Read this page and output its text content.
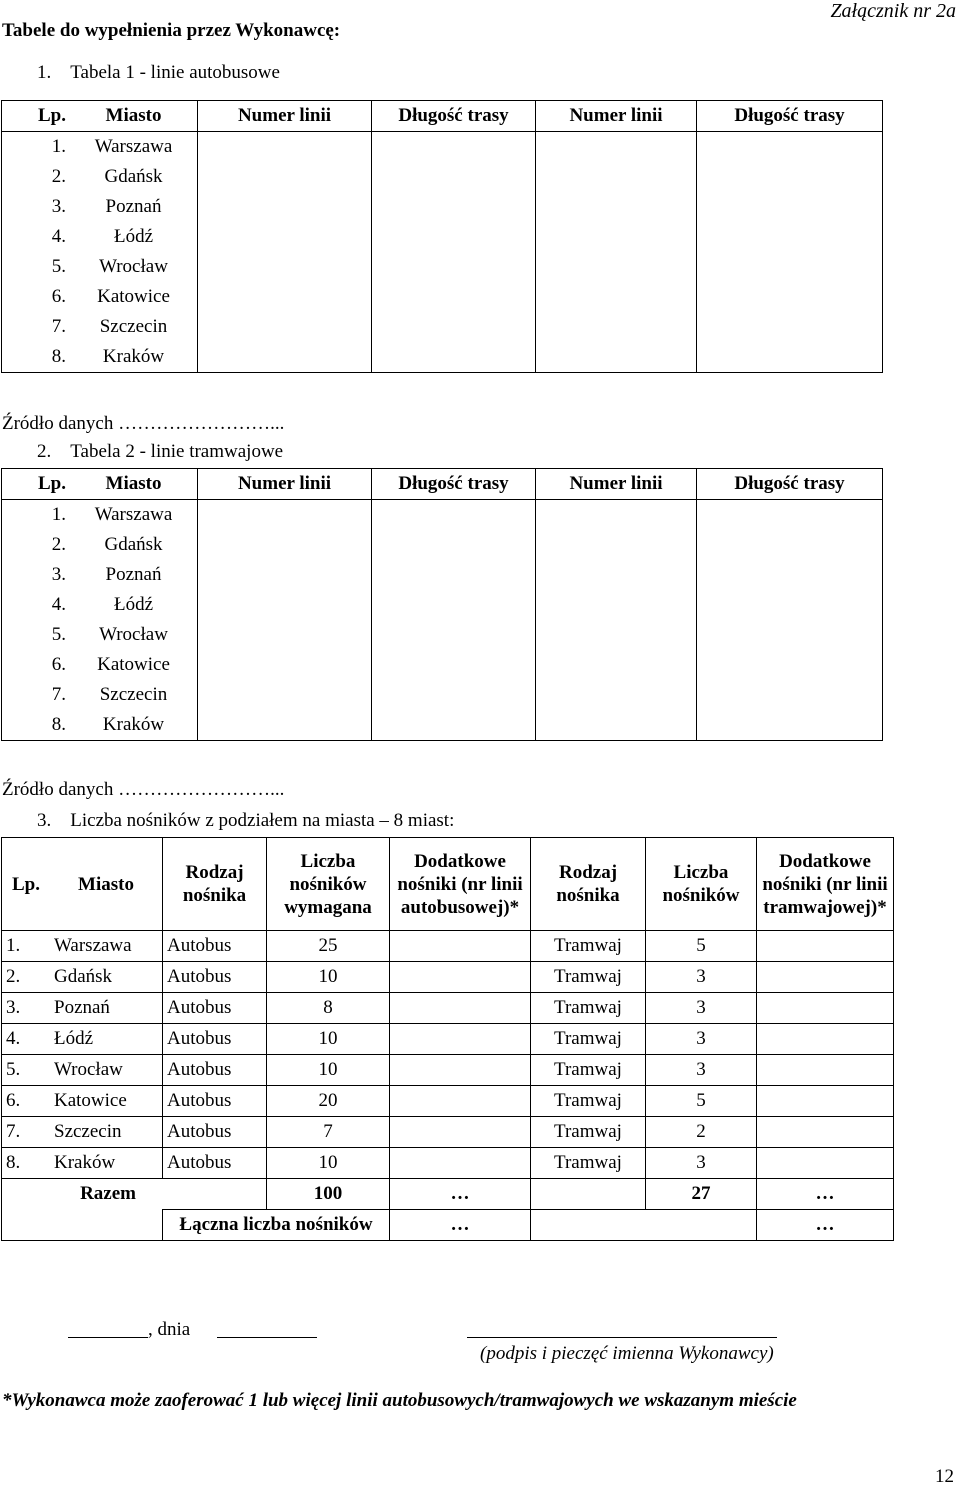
Tabele do wypełnienia przez Wykonawcę:
Załącznik nr 2a
1.    Tabela 1 - linie autobusowe
Lp.	Miasto	Numer linii	Długość trasy	Numer linii	Długość trasy
1.	Warszawa				
2.	Gdańsk				
3.	Poznań				
4.	Łódź				
5.	Wrocław				
6.	Katowice				
7.	Szczecin				
8.	Kraków				
Źródło danych ……………………...
2.    Tabela 2 - linie tramwajowe
Lp.	Miasto	Numer linii	Długość trasy	Numer linii	Długość trasy
1.	Warszawa				
2.	Gdańsk				
3.	Poznań				
4.	Łódź				
5.	Wrocław				
6.	Katowice				
7.	Szczecin				
8.	Kraków				
Źródło danych ……………………...
3.    Liczba nośników z podziałem na miasta – 8 miast:
Lp.	Miasto	Rodzaj nośnika	Liczba nośników wymagana	Dodatkowe nośniki (nr linii autobusowej)*	Rodzaj nośnika	Liczba nośników	Dodatkowe nośniki (nr linii tramwajowej)*
1.	Warszawa	Autobus	25		Tramwaj	5	
2.	Gdańsk	Autobus	10		Tramwaj	3	
3.	Poznań	Autobus	8		Tramwaj	3	
4.	Łódź	Autobus	10		Tramwaj	3	
5.	Wrocław	Autobus	10		Tramwaj	3	
6.	Katowice	Autobus	20		Tramwaj	5	
7.	Szczecin	Autobus	7		Tramwaj	2	
8.	Kraków	Autobus	10		Tramwaj	3	
Razem			100	…		27	…
		Łączna liczba nośników		…			…
, dnia
(podpis i pieczęć imienna Wykonawcy)
*Wykonawca może zaoferować 1 lub więcej linii autobusowych/tramwajowych we wskazanym mieście
12
